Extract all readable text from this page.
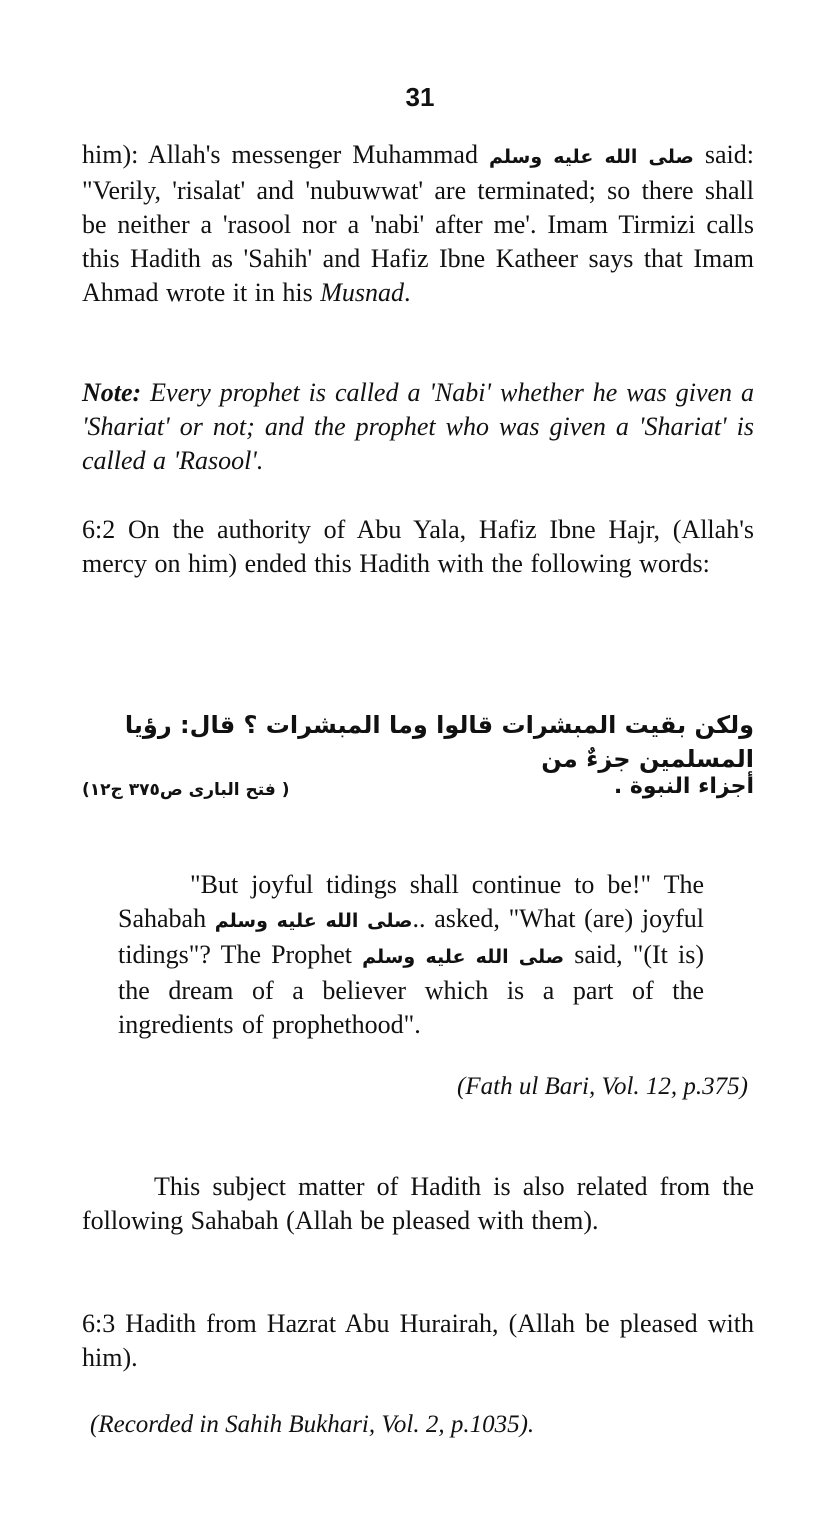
31

him): Allah's messenger Muhammad صلى الله عليه وسلم said: "Verily, 'risalat' and 'nubuwwat' are terminated; so there shall be neither a 'rasool nor a 'nabi' after me'. Imam Tirmizi calls this Hadith as 'Sahih' and Hafiz Ibne Katheer says that Imam Ahmad wrote it in his Musnad.

Note: Every prophet is called a 'Nabi' whether he was given a 'Shariat' or not; and the prophet who was given a 'Shariat' is called a 'Rasool'.

6:2 On the authority of Abu Yala, Hafiz Ibne Hajr, (Allah's mercy on him) ended this Hadith with the following words:

ولكن بقيت المبشرات قالوا وما المبشرات ؟ قال: رؤيا المسلمين جزءٌ من
( فتح البارى ص٣٧٥ ج١٢)	أجزاء النبوة .

"But joyful tidings shall continue to be!" The Sahabah صلى الله عليه وسلم.. asked, "What (are) joyful tidings"? The Prophet صلى الله عليه وسلم said, "(It is) the dream of a believer which is a part of the ingredients of prophethood".

(Fath ul Bari, Vol. 12, p.375)

This subject matter of Hadith is also related from the following Sahabah (Allah be pleased with them).

6:3 Hadith from Hazrat Abu Hurairah, (Allah be pleased with him).

(Recorded in Sahih Bukhari, Vol. 2, p.1035).
